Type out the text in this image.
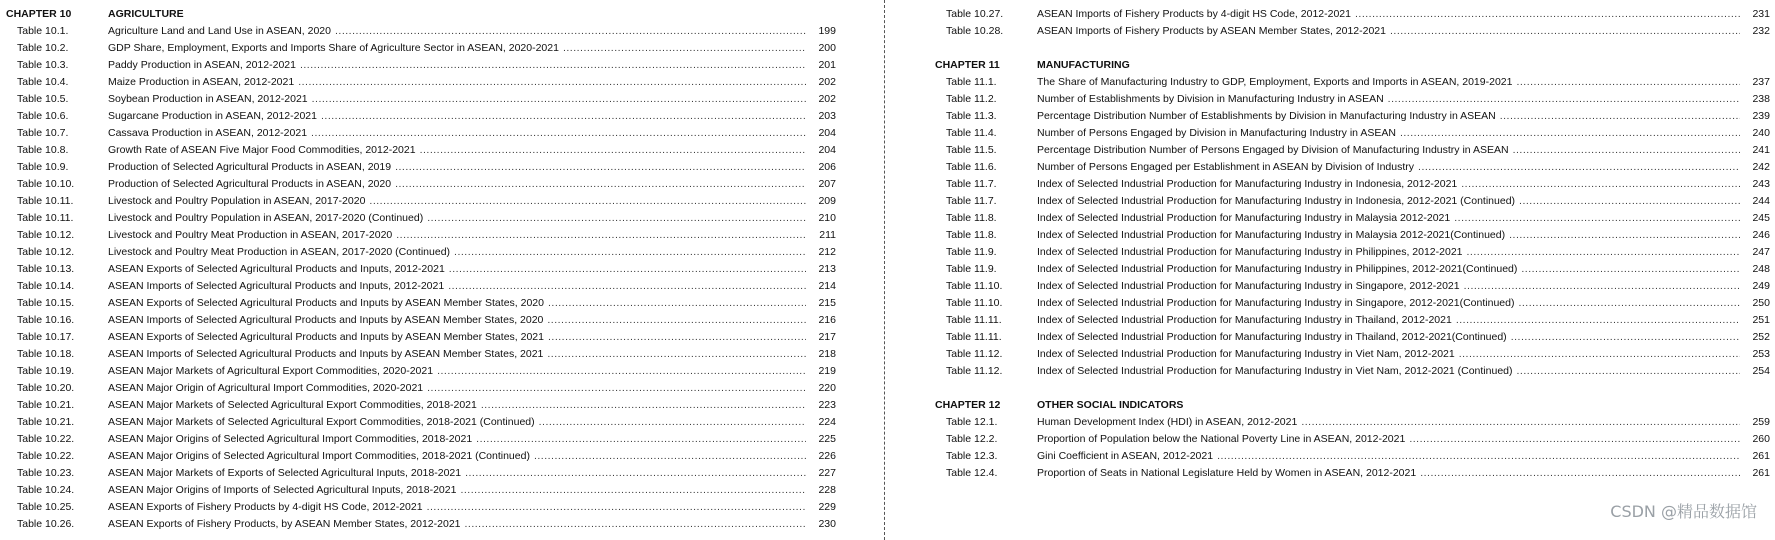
CHAPTER 10	AGRICULTURE
Table 10.1.	Agriculture Land and Land Use in ASEAN, 2020 .....	199
Table 10.2.	GDP Share, Employment, Exports and Imports Share of Agriculture Sector in ASEAN, 2020-2021 .....	200
Table 10.3.	Paddy Production in ASEAN, 2012-2021 .....	201
Table 10.4.	Maize Production in ASEAN, 2012-2021 .....	202
Table 10.5.	Soybean Production in ASEAN, 2012-2021 .....	202
Table 10.6.	Sugarcane Production in ASEAN, 2012-2021 .....	203
Table 10.7.	Cassava Production in ASEAN, 2012-2021 .....	204
Table 10.8.	Growth Rate of ASEAN Five Major Food Commodities, 2012-2021 .....	204
Table 10.9.	Production of Selected Agricultural Products in ASEAN, 2019 .....	206
Table 10.10.	Production of Selected Agricultural Products in ASEAN, 2020 .....	207
Table 10.11.	Livestock and Poultry Population in ASEAN, 2017-2020 .....	209
Table 10.11.	Livestock and Poultry Population in ASEAN, 2017-2020 (Continued) .....	210
Table 10.12.	Livestock and Poultry Meat Production in ASEAN, 2017-2020 .....	211
Table 10.12.	Livestock and Poultry Meat Production in ASEAN, 2017-2020 (Continued) .....	212
Table 10.13.	ASEAN Exports of Selected Agricultural Products and Inputs, 2012-2021 .....	213
Table 10.14.	ASEAN Imports of Selected Agricultural Products and Inputs, 2012-2021 .....	214
Table 10.15.	ASEAN Exports of Selected Agricultural Products and Inputs by ASEAN Member States, 2020 .....	215
Table 10.16.	ASEAN Imports of Selected Agricultural Products and Inputs by ASEAN Member States, 2020 .....	216
Table 10.17.	ASEAN Exports of Selected Agricultural Products and Inputs by ASEAN Member States, 2021 .....	217
Table 10.18.	ASEAN Imports of Selected Agricultural Products and Inputs by ASEAN Member States, 2021 .....	218
Table 10.19.	ASEAN Major Markets of Agricultural Export Commodities, 2020-2021 .....	219
Table 10.20.	ASEAN Major Origin of Agricultural Import Commodities, 2020-2021 .....	220
Table 10.21.	ASEAN Major Markets of Selected Agricultural Export Commodities, 2018-2021 .....	223
Table 10.21.	ASEAN Major Markets of Selected Agricultural Export Commodities, 2018-2021 (Continued) .....	224
Table 10.22.	ASEAN Major Origins of Selected Agricultural Import Commodities, 2018-2021 .....	225
Table 10.22.	ASEAN Major Origins of Selected Agricultural Import Commodities, 2018-2021 (Continued) .....	226
Table 10.23.	ASEAN Major Markets of Exports of Selected Agricultural Inputs, 2018-2021 .....	227
Table 10.24.	ASEAN Major Origins of Imports of Selected Agricultural Inputs, 2018-2021 .....	228
Table 10.25.	ASEAN Exports of Fishery Products by 4-digit HS Code, 2012-2021 .....	229
Table 10.26.	ASEAN Exports of Fishery Products, by ASEAN Member States, 2012-2021 .....	230
Table 10.27.	ASEAN Imports of Fishery Products by 4-digit HS Code, 2012-2021 .....	231
Table 10.28.	ASEAN Imports of Fishery Products by ASEAN Member States, 2012-2021 .....	232
CHAPTER 11	MANUFACTURING
Table 11.1.	The Share of Manufacturing Industry to GDP, Employment, Exports and Imports in ASEAN, 2019-2021 .....	237
Table 11.2.	Number of Establishments by Division in Manufacturing Industry in ASEAN .....	238
Table 11.3.	Percentage Distribution Number of Establishments by Division in Manufacturing Industry in ASEAN .....	239
Table 11.4.	Number of Persons Engaged by Division in Manufacturing Industry in ASEAN .....	240
Table 11.5.	Percentage Distribution Number of Persons Engaged by Division of Manufacturing Industry in ASEAN .....	241
Table 11.6.	Number of Persons Engaged per Establishment in ASEAN by Division of Industry .....	242
Table 11.7.	Index of Selected Industrial Production for Manufacturing Industry in Indonesia, 2012-2021 .....	243
Table 11.7.	Index of Selected Industrial Production for Manufacturing Industry in Indonesia, 2012-2021 (Continued) .....	244
Table 11.8.	Index of Selected Industrial Production for Manufacturing Industry in Malaysia 2012-2021 .....	245
Table 11.8.	Index of Selected Industrial Production for Manufacturing Industry in Malaysia 2012-2021(Continued) .....	246
Table 11.9.	Index of Selected Industrial Production for Manufacturing Industry in Philippines, 2012-2021 .....	247
Table 11.9.	Index of Selected Industrial Production for Manufacturing Industry in Philippines, 2012-2021(Continued) .....	248
Table 11.10.	Index of Selected Industrial Production for Manufacturing Industry in Singapore, 2012-2021 .....	249
Table 11.10.	Index of Selected Industrial Production for Manufacturing Industry in Singapore, 2012-2021(Continued) .....	250
Table 11.11.	Index of Selected Industrial Production for Manufacturing Industry in Thailand, 2012-2021 .....	251
Table 11.11.	Index of Selected Industrial Production for Manufacturing Industry in Thailand, 2012-2021(Continued) .....	252
Table 11.12.	Index of Selected Industrial Production for Manufacturing Industry in Viet Nam, 2012-2021 .....	253
Table 11.12.	Index of Selected Industrial Production for Manufacturing Industry in Viet Nam, 2012-2021 (Continued) .....	254
CHAPTER 12	OTHER SOCIAL INDICATORS
Table 12.1.	Human Development Index (HDI) in ASEAN, 2012-2021 .....	259
Table 12.2.	Proportion of Population below the National Poverty Line in ASEAN, 2012-2021 .....	260
Table 12.3.	Gini Coefficient in ASEAN, 2012-2021 .....	261
Table 12.4.	Proportion of Seats in National Legislature Held by Women in ASEAN, 2012-2021 .....	261
CSDN @精品数据馆
